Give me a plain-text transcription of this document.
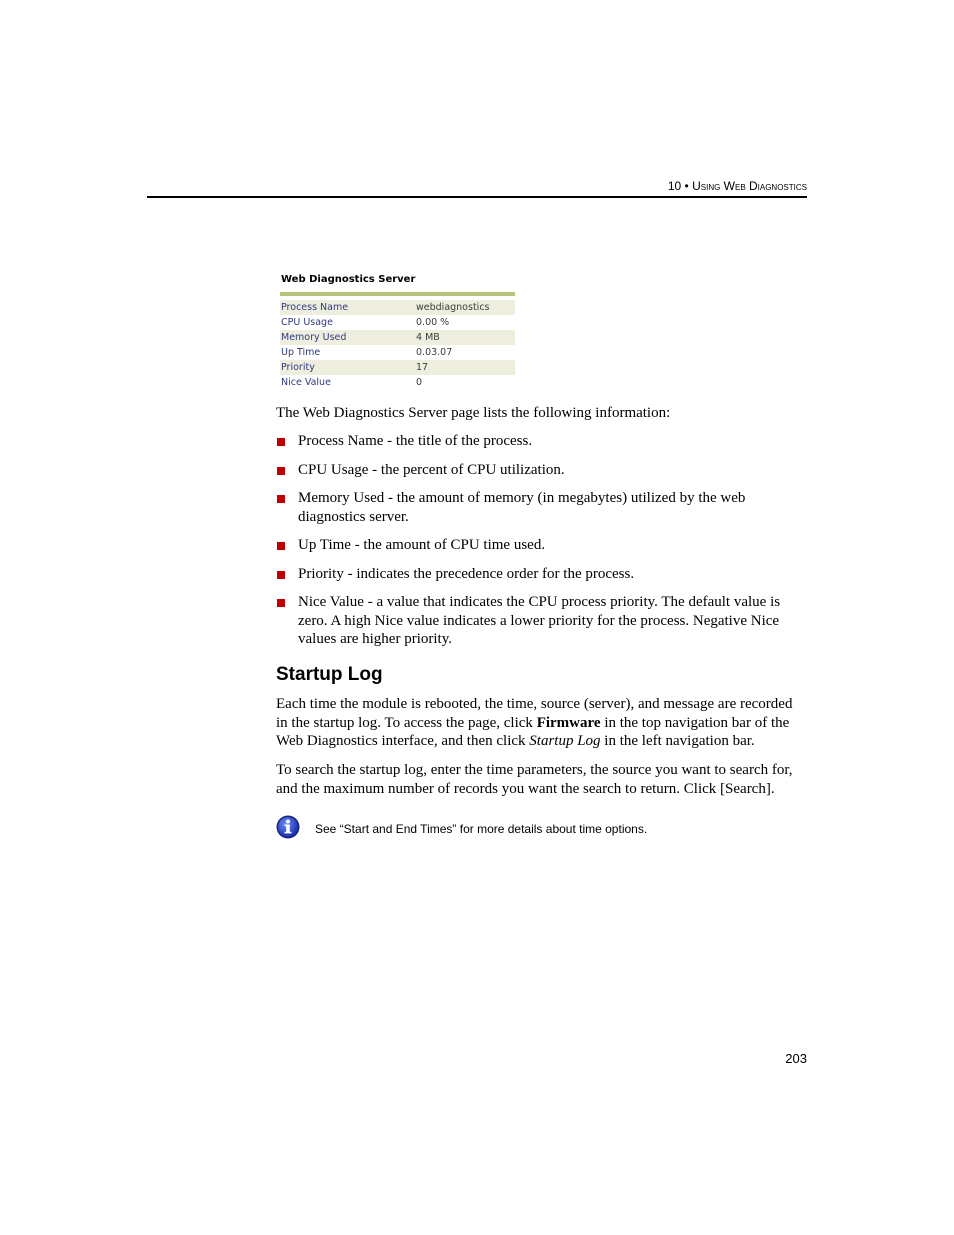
10 • Using Web Diagnostics
Web Diagnostics Server
Process Name	webdiagnostics
CPU Usage	0.00 %
Memory Used	4 MB
Up Time	0.03.07
Priority	17
Nice Value	0
The Web Diagnostics Server page lists the following information:
Process Name - the title of the process.
CPU Usage - the percent of CPU utilization.
Memory Used - the amount of memory (in megabytes) utilized by the web diagnostics server.
Up Time - the amount of CPU time used.
Priority - indicates the precedence order for the process.
Nice Value - a value that indicates the CPU process priority. The default value is zero. A high Nice value indicates a lower priority for the process. Negative Nice values are higher priority.
Startup Log
Each time the module is rebooted, the time, source (server), and message are recorded in the startup log. To access the page, click Firmware in the top navigation bar of the Web Diagnostics interface, and then click Startup Log in the left navigation bar.
To search the startup log, enter the time parameters, the source you want to search for, and the maximum number of records you want the search to return. Click [Search].
See “Start and End Times” for more details about time options.
203
